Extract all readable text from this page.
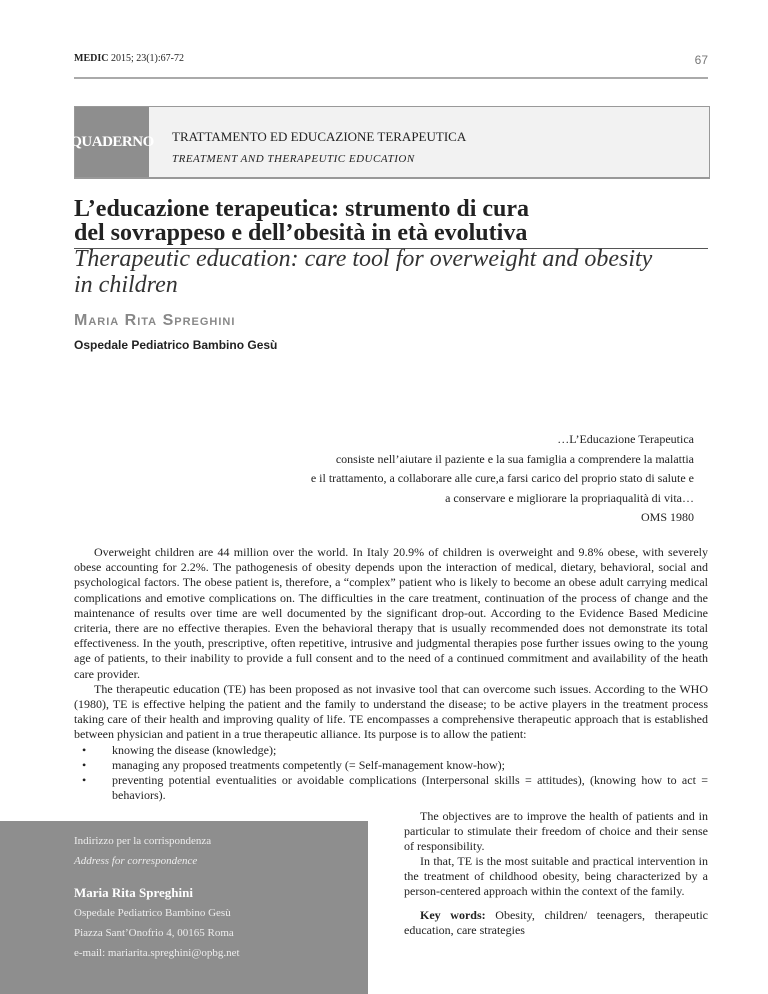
MEDIC 2015; 23(1):67-72	67
QUADERNO TRATTAMENTO ED EDUCAZIONE TERAPEUTICA
TREATMENT AND THERAPEUTIC EDUCATION
L’educazione terapeutica: strumento di cura
del sovrappeso e dell’obesità in età evolutiva
Therapeutic education: care tool for overweight and obesity in children
Maria Rita Spreghini
Ospedale Pediatrico Bambino Gesù
…L’Educazione Terapeutica
consiste nell’aiutare il paziente e la sua famiglia a comprendere la malattia
e il trattamento, a collaborare alle cure,a farsi carico del proprio stato di salute e
a conservare e migliorare la propriaqualità di vita…
OMS 1980

Overweight children are 44 million over the world. In Italy 20.9% of children is overweight and 9.8% obese, with severely obese accounting for 2.2%. The pathogenesis of obesity depends upon the interaction of medical, dietary, behavioral, social and psychological factors. The obese patient is, therefore, a “complex” patient who is likely to become an obese adult carrying medical complications and emotive complications on. The difficulties in the care treatment, continuation of the process of change and the maintenance of results over time are well documented by the significant drop-out. According to the Evidence Based Medicine criteria, there are no effective therapies. Even the behavioral therapy that is usually recommended does not demonstrate its total effectiveness. In the youth, prescriptive, often repetitive, intrusive and judgmental therapies pose further issues owing to the young age of patients, to their inability to provide a full consent and to the need of a continued commitment and availability of the heath care provider.

The therapeutic education (TE) has been proposed as not invasive tool that can overcome such issues. According to the WHO (1980), TE is effective helping the patient and the family to understand the disease; to be active players in the treatment process taking care of their health and improving quality of life. TE encompasses a comprehensive therapeutic approach that is established between physician and patient in a true therapeutic alliance. Its purpose is to allow the patient:

• knowing the disease (knowledge);
• managing any proposed treatments competently (= Self-management know-how);
• preventing potential eventualities or avoidable complications (Interpersonal skills = attitudes), (knowing how to act = behaviors).

The objectives are to improve the health of patients and in particular to stimulate their freedom of choice and their sense of responsibility.

In that, TE is the most suitable and practical intervention in the treatment of childhood obesity, being characterized by a person-centered approach within the context of the family.

Key words: Obesity, children/ teenagers, therapeutic education, care strategies

Indirizzo per la corrispondenza
Address for correspondence
Maria Rita Spreghini
Ospedale Pediatrico Bambino Gesù
Piazza Sant’Onofrio 4, 00165 Roma
e-mail: mariarita.spreghini@opbg.net
